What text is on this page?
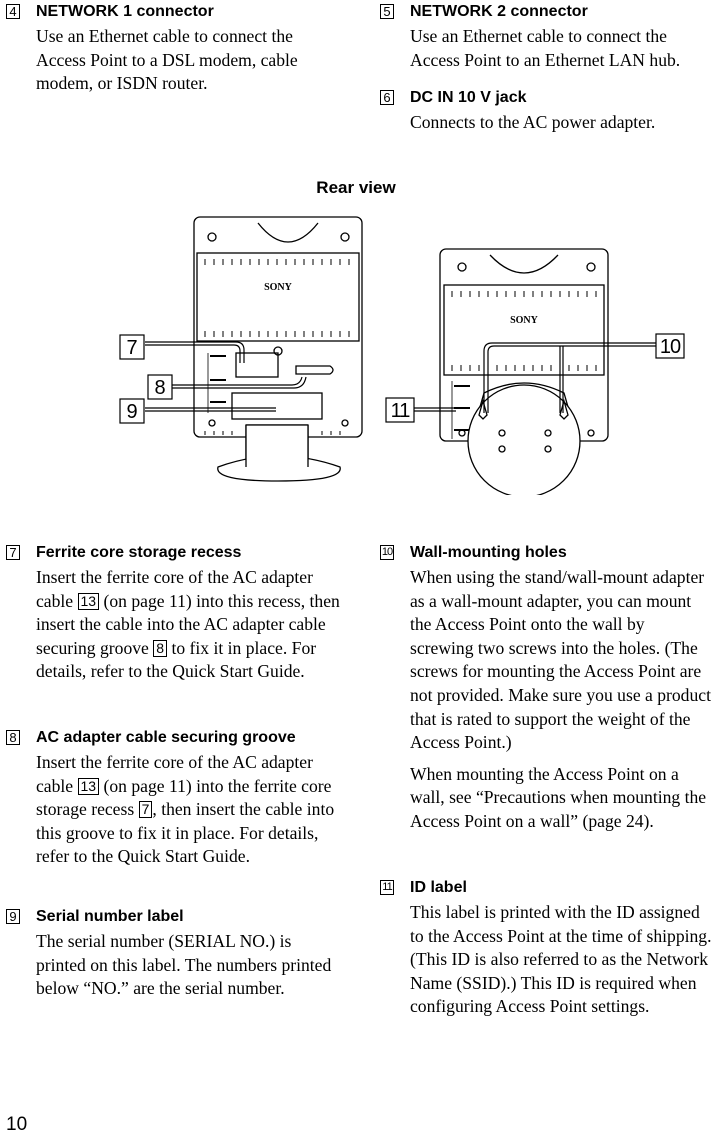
4 NETWORK 1 connector
Use an Ethernet cable to connect the Access Point to a DSL modem, cable modem, or ISDN router.
5 NETWORK 2 connector
Use an Ethernet cable to connect the Access Point to an Ethernet LAN hub.
6 DC IN 10 V jack
Connects to the AC power adapter.
Rear view
SONY
SONY
7
8
9
10
11
7 Ferrite core storage recess
Insert the ferrite core of the AC adapter cable 13 (on page 11) into this recess, then insert the cable into the AC adapter cable securing groove 8 to fix it in place. For details, refer to the Quick Start Guide.
8 AC adapter cable securing groove
Insert the ferrite core of the AC adapter cable 13 (on page 11) into the ferrite core storage recess 7 , then insert the cable into this groove to fix it in place. For details, refer to the Quick Start Guide.
9 Serial number label
The serial number (SERIAL NO.) is printed on this label. The numbers printed below “NO.” are the serial number.
10 Wall-mounting holes
When using the stand/wall-mount adapter as a wall-mount adapter, you can mount the Access Point onto the wall by screwing two screws into the holes. (The screws for mounting the Access Point are not provided. Make sure you use a product that is rated to support the weight of the Access Point.)
When mounting the Access Point on a wall, see “Precautions when mounting the Access Point on a wall” (page 24).
11 ID label
This label is printed with the ID assigned to the Access Point at the time of shipping. (This ID is also referred to as the Network Name (SSID).) This ID is required when configuring Access Point settings.
10
